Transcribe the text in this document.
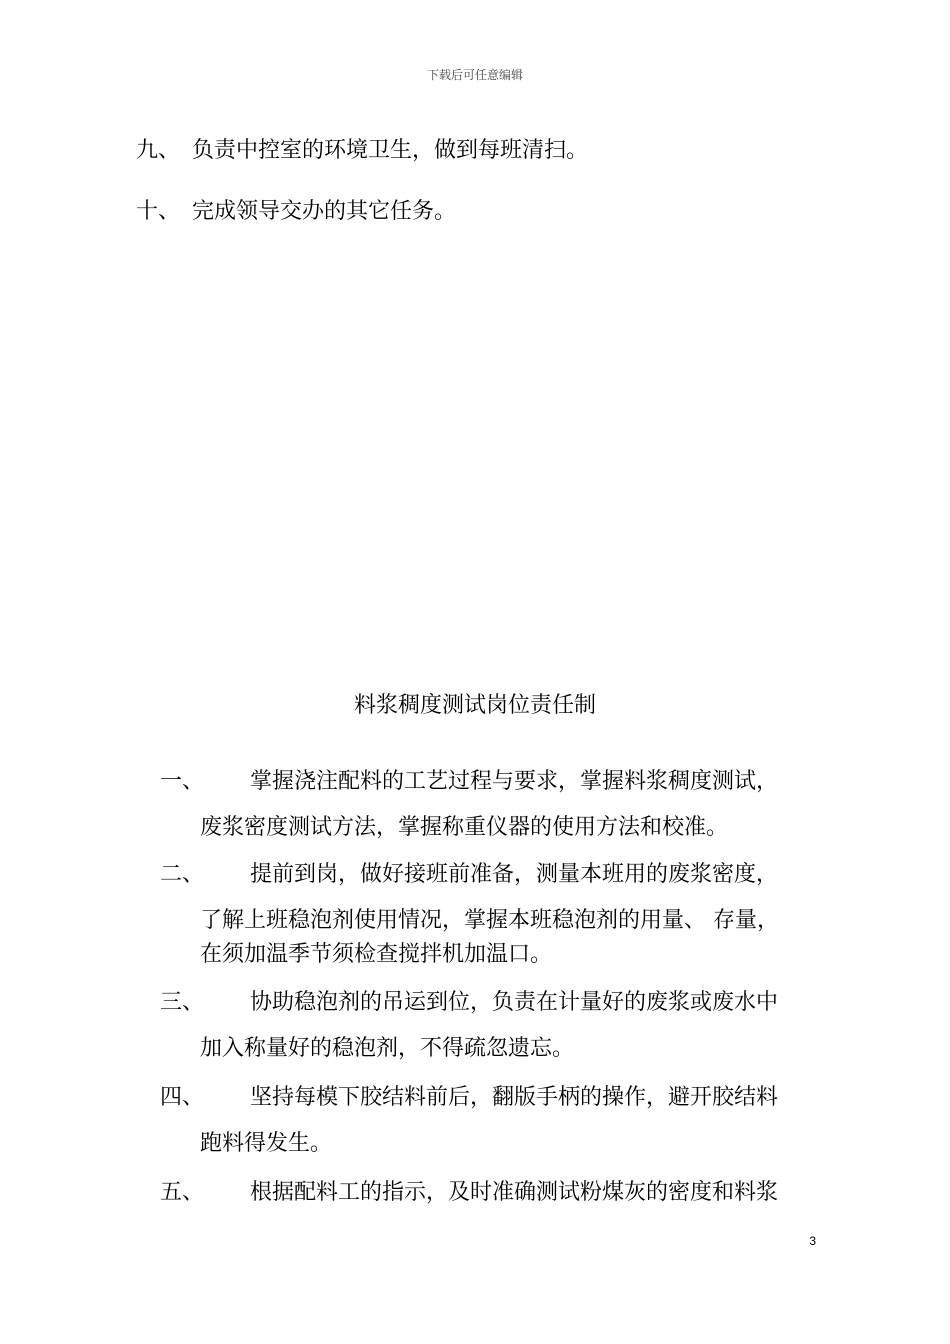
下载后可任意编辑
九、 负责中控室的环境卫生，做到每班清扫。
十、 完成领导交办的其它任务。
料浆稠度测试岗位责任制
一、 掌握浇注配料的工艺过程与要求，掌握料浆稠度测试，
废浆密度测试方法，掌握称重仪器的使用方法和校准。
二、 提前到岗，做好接班前准备，测量本班用的废浆密度，
了解上班稳泡剂使用情况，掌握本班稳泡剂的用量、 存量，
在须加温季节须检查搅拌机加温口。
三、 协助稳泡剂的吊运到位，负责在计量好的废浆或废水中
加入称量好的稳泡剂，不得疏忽遗忘。
四、 坚持每模下胶结料前后，翻版手柄的操作，避开胶结料
跑料得发生。
五、 根据配料工的指示，及时准确测试粉煤灰的密度和料浆
3
